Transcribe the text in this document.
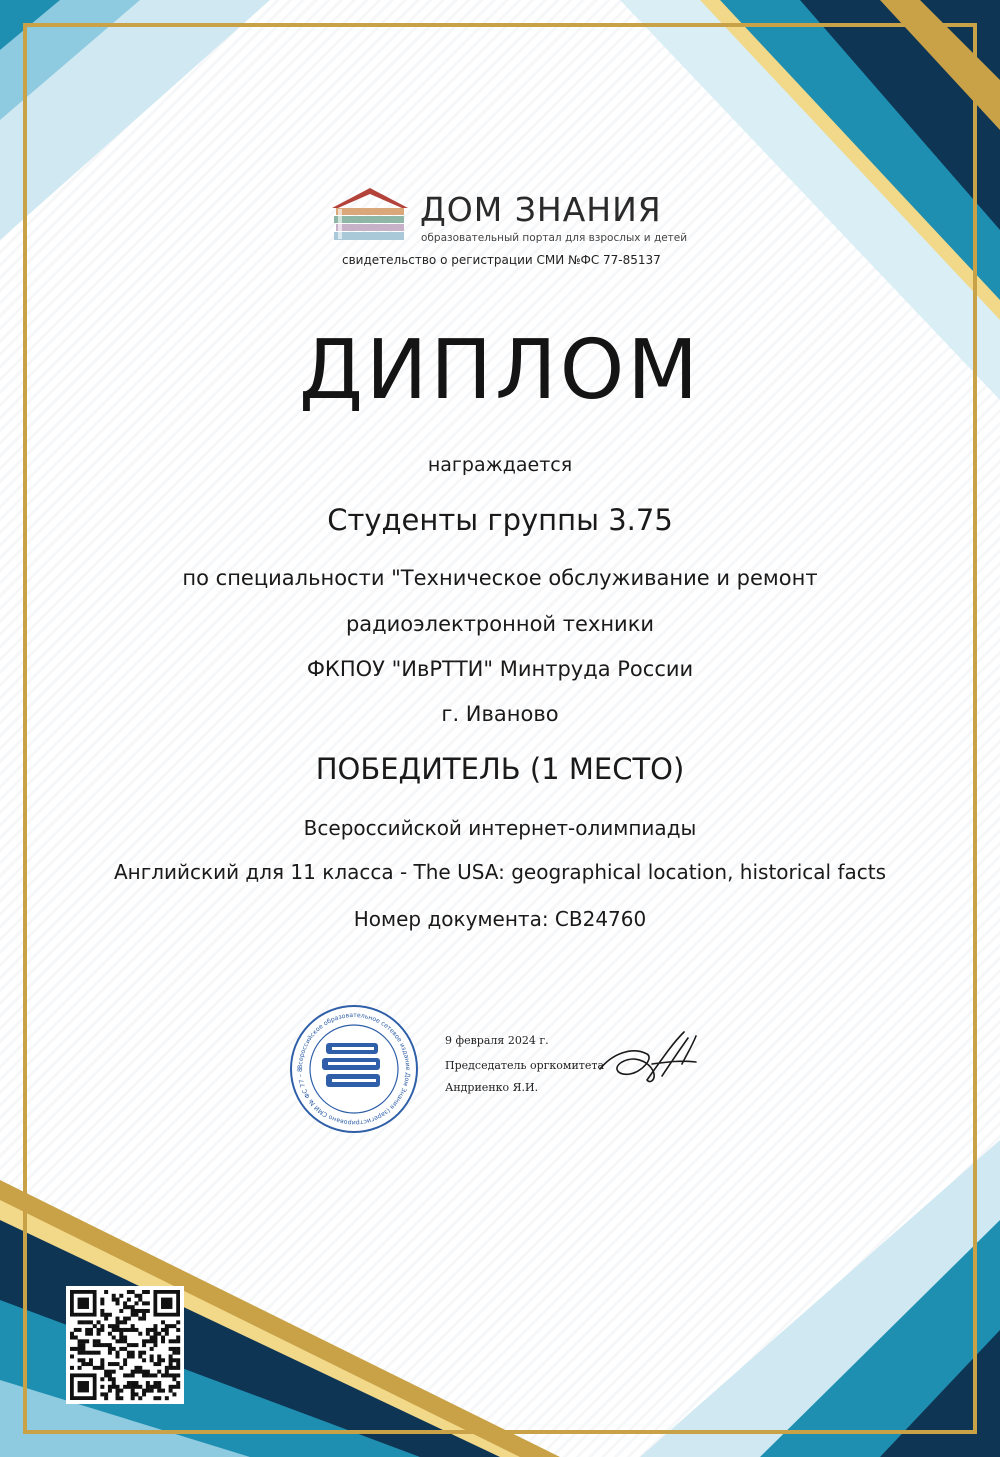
ДОМ ЗНАНИЯ
образовательный портал для взрослых и детей
свидетельство о регистрации СМИ №ФС 77-85137
ДИПЛОМ
награждается
Студенты группы 3.75
по специальности "Техническое обслуживание и ремонт
радиоэлектронной техники
ФКПОУ "ИвРТТИ" Минтруда России
г. Иваново
ПОБЕДИТЕЛЬ (1 МЕСТО)
Всероссийской интернет-олимпиады
Английский для 11 класса - The USA: geographical location, historical facts
Номер документа: СВ24760
Всероссийское образовательное сетевое издание Дом Знания (зарегистрировано СМИ № ФС 77 – 8
9 февраля 2024 г.
Председатель оргкомитета
Андриенко Я.И.
